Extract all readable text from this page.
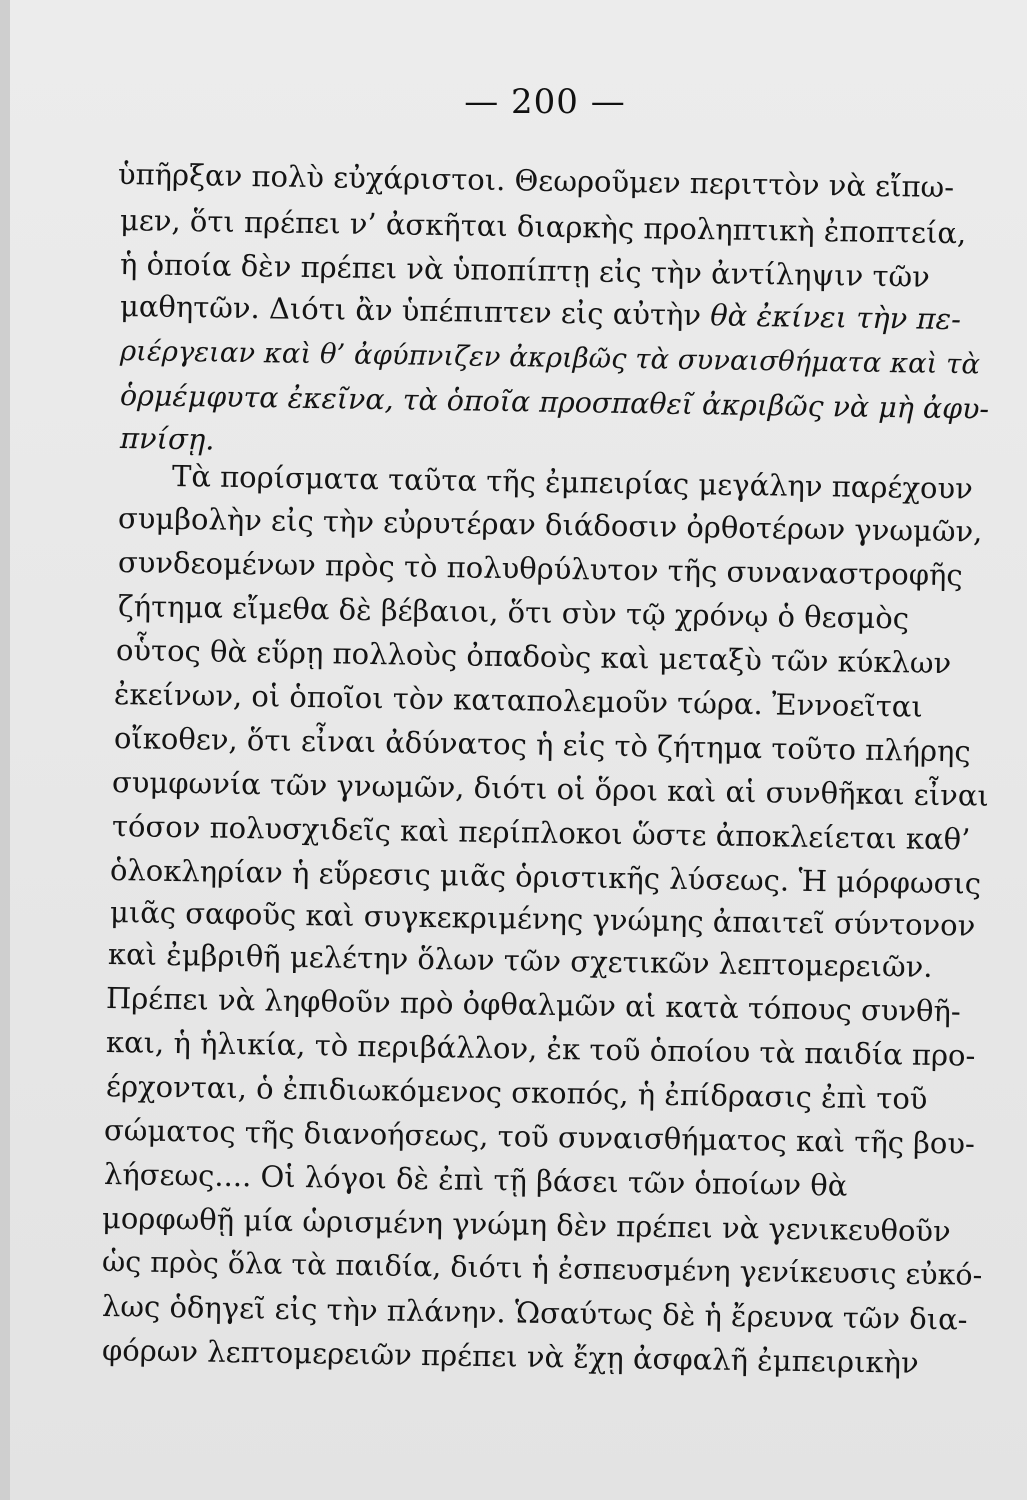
— 200 —
ὑπῆρξαν πολὺ εὐχάριστοι. Θεωροῦμεν περιττὸν νὰ εἴπω-
μεν, ὅτι πρέπει ν’ ἀσκῆται διαρκὴς προληπτικὴ ἐποπτεία,
ἡ ὁποία δὲν πρέπει νὰ ὑποπίπτῃ εἰς τὴν ἀντίληψιν τῶν
μαθητῶν. Διότι ἂν ὑπέπιπτεν εἰς αὐτὴν θὰ ἐκίνει τὴν πε-
ριέργειαν καὶ θ’ ἀφύπνιζεν ἀκριβῶς τὰ συναισθήματα καὶ τὰ
ὁρμέμφυτα ἐκεῖνα, τὰ ὁποῖα προσπαθεῖ ἀκριβῶς νὰ μὴ ἀφυ-
πνίσῃ.
Τὰ πορίσματα ταῦτα τῆς ἐμπειρίας μεγάλην παρέχουν
συμβολὴν εἰς τὴν εὐρυτέραν διάδοσιν ὀρθοτέρων γνωμῶν,
συνδεομένων πρὸς τὸ πολυθρύλυτον τῆς συναναστροφῆς
ζήτημα εἴμεθα δὲ βέβαιοι, ὅτι σὺν τῷ χρόνῳ ὁ θεσμὸς
οὗτος θὰ εὕρῃ πολλοὺς ὀπαδοὺς καὶ μεταξὺ τῶν κύκλων
ἐκείνων, οἱ ὁποῖοι τὸν καταπολεμοῦν τώρα. Ἐννοεῖται
οἴκοθεν, ὅτι εἶναι ἀδύνατος ἡ εἰς τὸ ζήτημα τοῦτο πλήρης
συμφωνία τῶν γνωμῶν, διότι οἱ ὅροι καὶ αἱ συνθῆκαι εἶναι
τόσον πολυσχιδεῖς καὶ περίπλοκοι ὥστε ἀποκλείεται καθ’
ὁλοκληρίαν ἡ εὕρεσις μιᾶς ὁριστικῆς λύσεως. Ἡ μόρφωσις
μιᾶς σαφοῦς καὶ συγκεκριμένης γνώμης ἀπαιτεῖ σύντονον
καὶ ἐμβριθῆ μελέτην ὅλων τῶν σχετικῶν λεπτομερειῶν.
Πρέπει νὰ ληφθοῦν πρὸ ὀφθαλμῶν αἱ κατὰ τόπους συνθῆ-
και, ἡ ἡλικία, τὸ περιβάλλον, ἐκ τοῦ ὁποίου τὰ παιδία προ-
έρχονται, ὁ ἐπιδιωκόμενος σκοπός, ἡ ἐπίδρασις ἐπὶ τοῦ
σώματος τῆς διανοήσεως, τοῦ συναισθήματος καὶ τῆς βου-
λήσεως.... Οἱ λόγοι δὲ ἐπὶ τῇ βάσει τῶν ὁποίων θὰ
μορφωθῇ μία ὡρισμένη γνώμη δὲν πρέπει νὰ γενικευθοῦν
ὡς πρὸς ὅλα τὰ παιδία, διότι ἡ ἐσπευσμένη γενίκευσις εὐκό-
λως ὁδηγεῖ εἰς τὴν πλάνην. Ὡσαύτως δὲ ἡ ἔρευνα τῶν δια-
φόρων λεπτομερειῶν πρέπει νὰ ἔχῃ ἀσφαλῆ ἐμπειρικὴν
